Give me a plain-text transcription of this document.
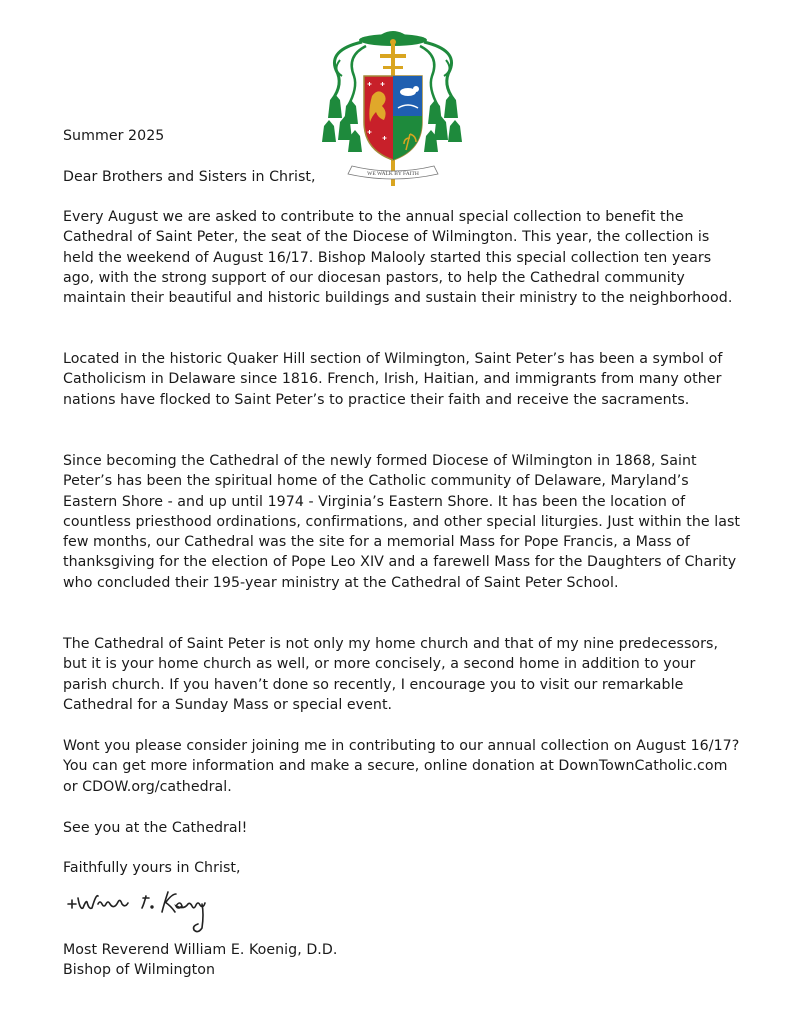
WE WALK BY FAITH
Summer 2025
Dear Brothers and Sisters in Christ,

Every August we are asked to contribute to the annual special collection to benefit the Cathedral of Saint Peter, the seat of the Diocese of Wilmington. This year, the collection is held the weekend of August 16/17. Bishop Malooly started this special collection ten years ago, with the strong support of our diocesan pastors, to help the Cathedral community maintain their beautiful and historic buildings and sustain their ministry to the neighborhood.

Located in the historic Quaker Hill section of Wilmington, Saint Peter’s has been a symbol of Catholicism in Delaware since 1816. French, Irish, Haitian, and immigrants from many other nations have flocked to Saint Peter’s to practice their faith and receive the sacraments.

Since becoming the Cathedral of the newly formed Diocese of Wilmington in 1868, Saint Peter’s has been the spiritual home of the Catholic community of Delaware, Maryland’s Eastern Shore - and up until 1974 - Virginia’s Eastern Shore. It has been the location of countless priesthood ordinations, confirmations, and other special liturgies. Just within the last few months, our Cathedral was the site for a memorial Mass for Pope Francis, a Mass of thanksgiving for the election of Pope Leo XIV and a farewell Mass for the Daughters of Charity who concluded their 195-year ministry at the Cathedral of Saint Peter School.

The Cathedral of Saint Peter is not only my home church and that of my nine predecessors, but it is your home church as well, or more concisely, a second home in addition to your parish church. If you haven’t done so recently, I encourage you to visit our remarkable Cathedral for a Sunday Mass or special event.

Wont you please consider joining me in contributing to our annual collection on August 16/17? You can get more information and make a secure, online donation at DownTownCatholic.com or CDOW.org/cathedral.

See you at the Cathedral!

Faithfully yours in Christ,

Most Reverend William E. Koenig, D.D.

Bishop of Wilmington
